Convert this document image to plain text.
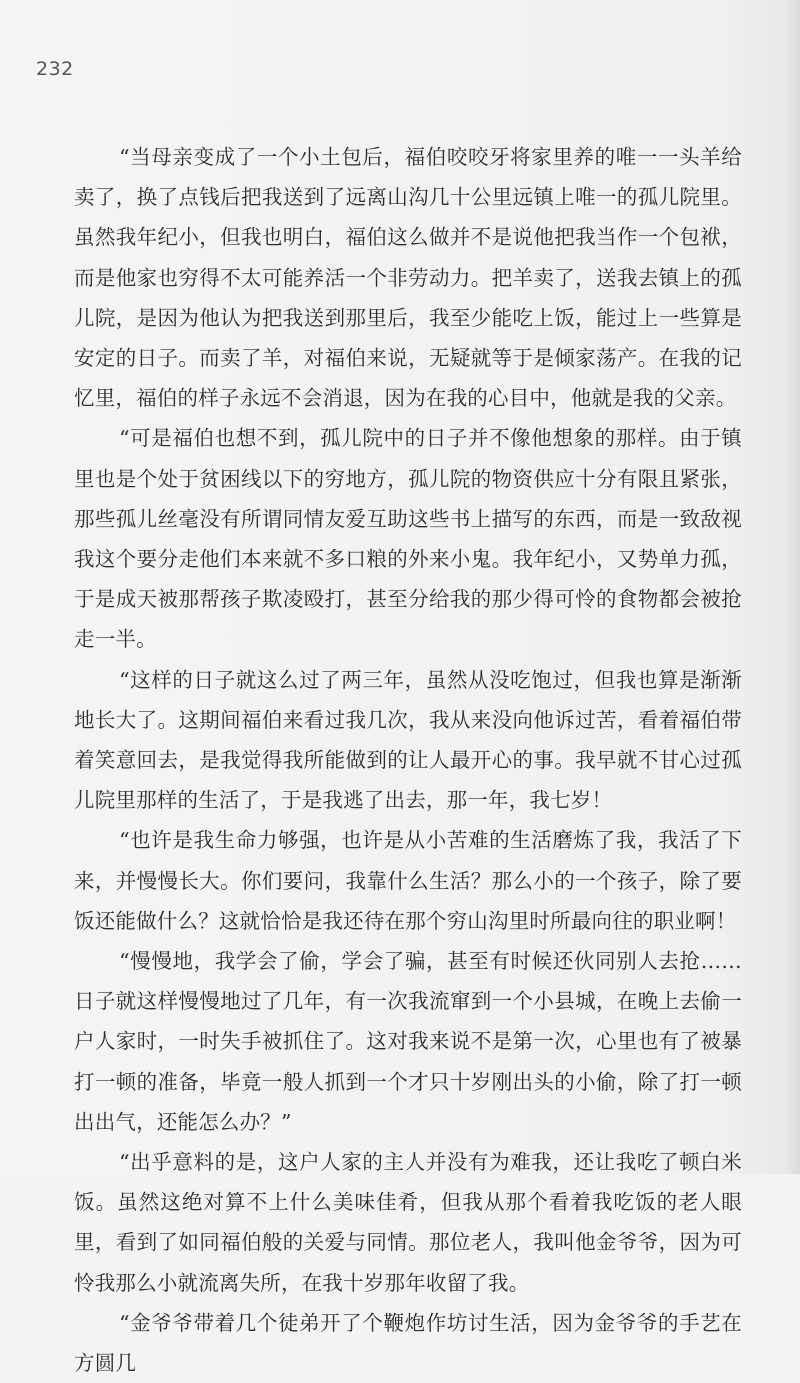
232

“当母亲变成了一个小土包后，福伯咬咬牙将家里养的唯一一头羊给卖了，换了点钱后把我送到了远离山沟几十公里远镇上唯一的孤儿院里。虽然我年纪小，但我也明白，福伯这么做并不是说他把我当作一个包袱，而是他家也穷得不太可能养活一个非劳动力。把羊卖了，送我去镇上的孤儿院，是因为他认为把我送到那里后，我至少能吃上饭，能过上一些算是安定的日子。而卖了羊，对福伯来说，无疑就等于是倾家荡产。在我的记忆里，福伯的样子永远不会消退，因为在我的心目中，他就是我的父亲。

“可是福伯也想不到，孤儿院中的日子并不像他想象的那样。由于镇里也是个处于贫困线以下的穷地方，孤儿院的物资供应十分有限且紧张，那些孤儿丝毫没有所谓同情友爱互助这些书上描写的东西，而是一致敌视我这个要分走他们本来就不多口粮的外来小鬼。我年纪小，又势单力孤，于是成天被那帮孩子欺凌殴打，甚至分给我的那少得可怜的食物都会被抢走一半。

“这样的日子就这么过了两三年，虽然从没吃饱过，但我也算是渐渐地长大了。这期间福伯来看过我几次，我从来没向他诉过苦，看着福伯带着笑意回去，是我觉得我所能做到的让人最开心的事。我早就不甘心过孤儿院里那样的生活了，于是我逃了出去，那一年，我七岁！

“也许是我生命力够强，也许是从小苦难的生活磨炼了我，我活了下来，并慢慢长大。你们要问，我靠什么生活？那么小的一个孩子，除了要饭还能做什么？这就恰恰是我还待在那个穷山沟里时所最向往的职业啊！

“慢慢地，我学会了偷，学会了骗，甚至有时候还伙同别人去抢……日子就这样慢慢地过了几年，有一次我流窜到一个小县城，在晚上去偷一户人家时，一时失手被抓住了。这对我来说不是第一次，心里也有了被暴打一顿的准备，毕竟一般人抓到一个才只十岁刚出头的小偷，除了打一顿出出气，还能怎么办？”

“出乎意料的是，这户人家的主人并没有为难我，还让我吃了顿白米饭。虽然这绝对算不上什么美味佳肴，但我从那个看着我吃饭的老人眼里，看到了如同福伯般的关爱与同情。那位老人，我叫他金爷爷，因为可怜我那么小就流离失所，在我十岁那年收留了我。

“金爷爷带着几个徒弟开了个鞭炮作坊讨生活，因为金爷爷的手艺在方圆几
